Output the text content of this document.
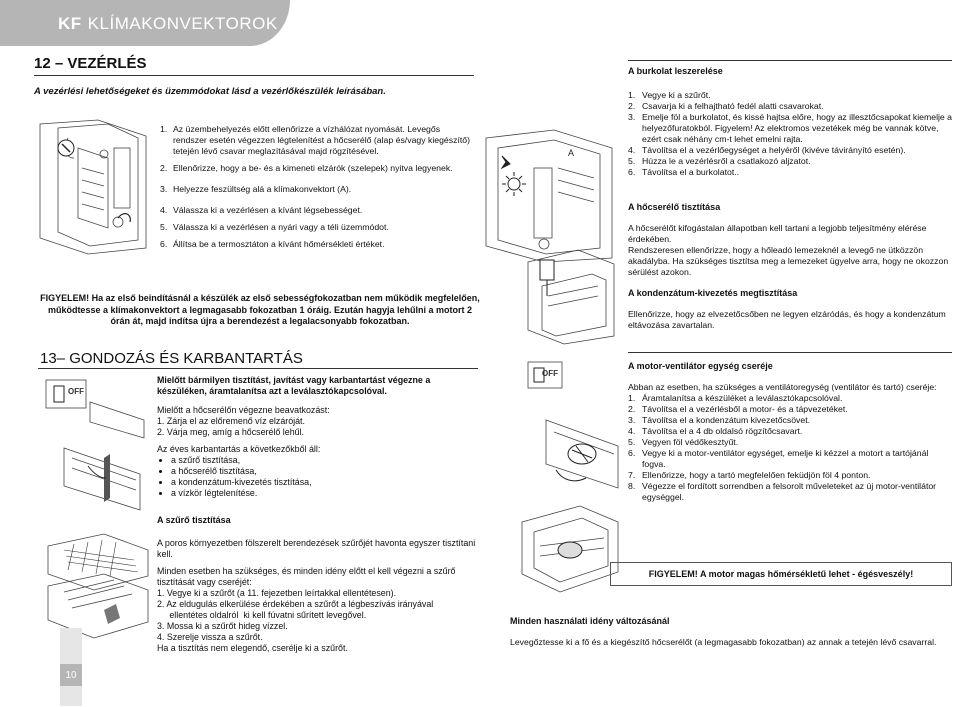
KF KLÍMAKONVEKTOROK
12 – VEZÉRLÉS
A vezérlési lehetőségeket és üzemmódokat lásd a vezérlőkészülék leírásában.
1. Az üzembehelyezés előtt ellenőrizze a vízhálózat nyomását. Levegős rendszer esetén végezzen légtelenítést a hőcserélő (alap és/vagy kiegészítő) tetején lévő csavar meglazításával majd rögzítésével.
2. Ellenőrizze, hogy a be- és a kimeneti elzárók (szelepek) nyitva legyenek.
3. Helyezze feszültség alá a klímakonvektort (A).
4. Válassza ki a vezérlésen a kívánt légsebességet.
5. Válassza ki a vezérlésen a nyári vagy a téli üzemmódot.
6. Állítsa be a termosztáton a kívánt hőmérsékleti értéket.
A
FIGYELEM! Ha az első beindításnál a készülék az első sebességfokozatban nem működik megfelelően, működtesse a klímakonvektort a legmagasabb fokozatban 1 óráig. Ezután hagyja lehűlni a motort 2 órán át, majd indítsa újra a berendezést a legalacsonyabb fokozatban.
13– GONDOZÁS ÉS KARBANTARTÁS
OFF

Mielőtt bármilyen tisztítást, javítást vagy karbantartást végezne a készüléken, áramtalanítsa azt a leválasztókapcsolóval.

Mielőtt a hőcserélőn végezne beavatkozást:
1. Zárja el az előremenő víz elzáróját.
2. Várja meg, amíg a hőcserélő lehűl.
Az éves karbantartás a következőkből áll:
• a szűrő tisztítása,
• a hőcserélő tisztítása,
• a kondenzátum-kivezetés tisztítása,
• a vízkör légtelenítése.
A szűrő tisztítása

A poros környezetben fölszerelt berendezések szűrőjét havonta egyszer tisztítani kell.

Minden esetben ha szükséges, és minden idény előtt el kell végezni a szűrő tisztítását vagy cseréjét:

1. Vegye ki a szűrőt (a 11. fejezetben leírtakkal ellentétesen).
2. Az eldugulás elkerülése érdekében a szűrőt a légbeszívás irányával
ellentétes oldalról  ki kell fúvatni sűrített levegővel.
3. Mossa ki a szűrőt hideg vízzel.
4. Szerelje vissza a szűrőt.
Ha a tisztítás nem elegendő, cserélje ki a szűrőt.
OFF
A burkolat leszerelése
1. Vegye ki a szűrőt.
2. Csavarja ki a felhajtható fedél alatti csavarokat.
3. Emelje föl a burkolatot, és kissé hajtsa előre, hogy az illesztőcsapokat kiemelje a helyezőfuratokból. Figyelem! Az elektromos vezetékek még be vannak kötve, ezért csak néhány cm-t lehet emelni rajta.
4. Távolítsa el a vezérlőegységet a helyéről (kivéve távirányító esetén).
5. Húzza le a vezérlésről a csatlakozó aljzatot.
6. Távolítsa el a burkolatot..
A hőcserélő tisztítása
A hőcserélőt kifogástalan állapotban kell tartani a legjobb teljesítmény elérése érdekében.
Rendszeresen ellenőrizze, hogy a hőleadó lemezeknél a levegő ne ütközzön akadályba. Ha szükséges tisztítsa meg a lemezeket ügyelve arra, hogy ne okozzon sérülést azokon.
A kondenzátum-kivezetés megtisztítása
Ellenőrizze, hogy az elvezetőcsőben ne legyen elzáródás, és hogy a kondenzátum eltávozása zavartalan.
A motor-ventilátor egység cseréje
Abban az esetben, ha szükséges a ventilátoregység (ventilátor és tartó) cseréje:
1. Áramtalanítsa a készüléket a leválasztókapcsolóval.
2. Távolítsa el a vezérlésből a motor- és a tápvezetéket.
3. Távolítsa el a kondenzátum kivezetőcsövet.
4. Távolítsa el a 4 db oldalsó rögzítőcsavart.
5. Vegyen föl védőkesztyűt.
6. Vegye ki a motor-ventilátor egységet, emelje ki kézzel a motort a tartójánál fogva.
7. Ellenőrizze, hogy a tartó megfelelően feküdjön föl 4 ponton.
8. Végezze el fordított sorrendben a felsorolt műveleteket az új motor-ventilátor egységgel.
FIGYELEM! A motor magas hőmérsékletű lehet - égésveszély!
Minden használati idény változásánál
Levegőztesse ki a fő és a kiegészítő hőcserélőt (a legmagasabb fokozatban) az annak a tetején lévő csavarral.
10
